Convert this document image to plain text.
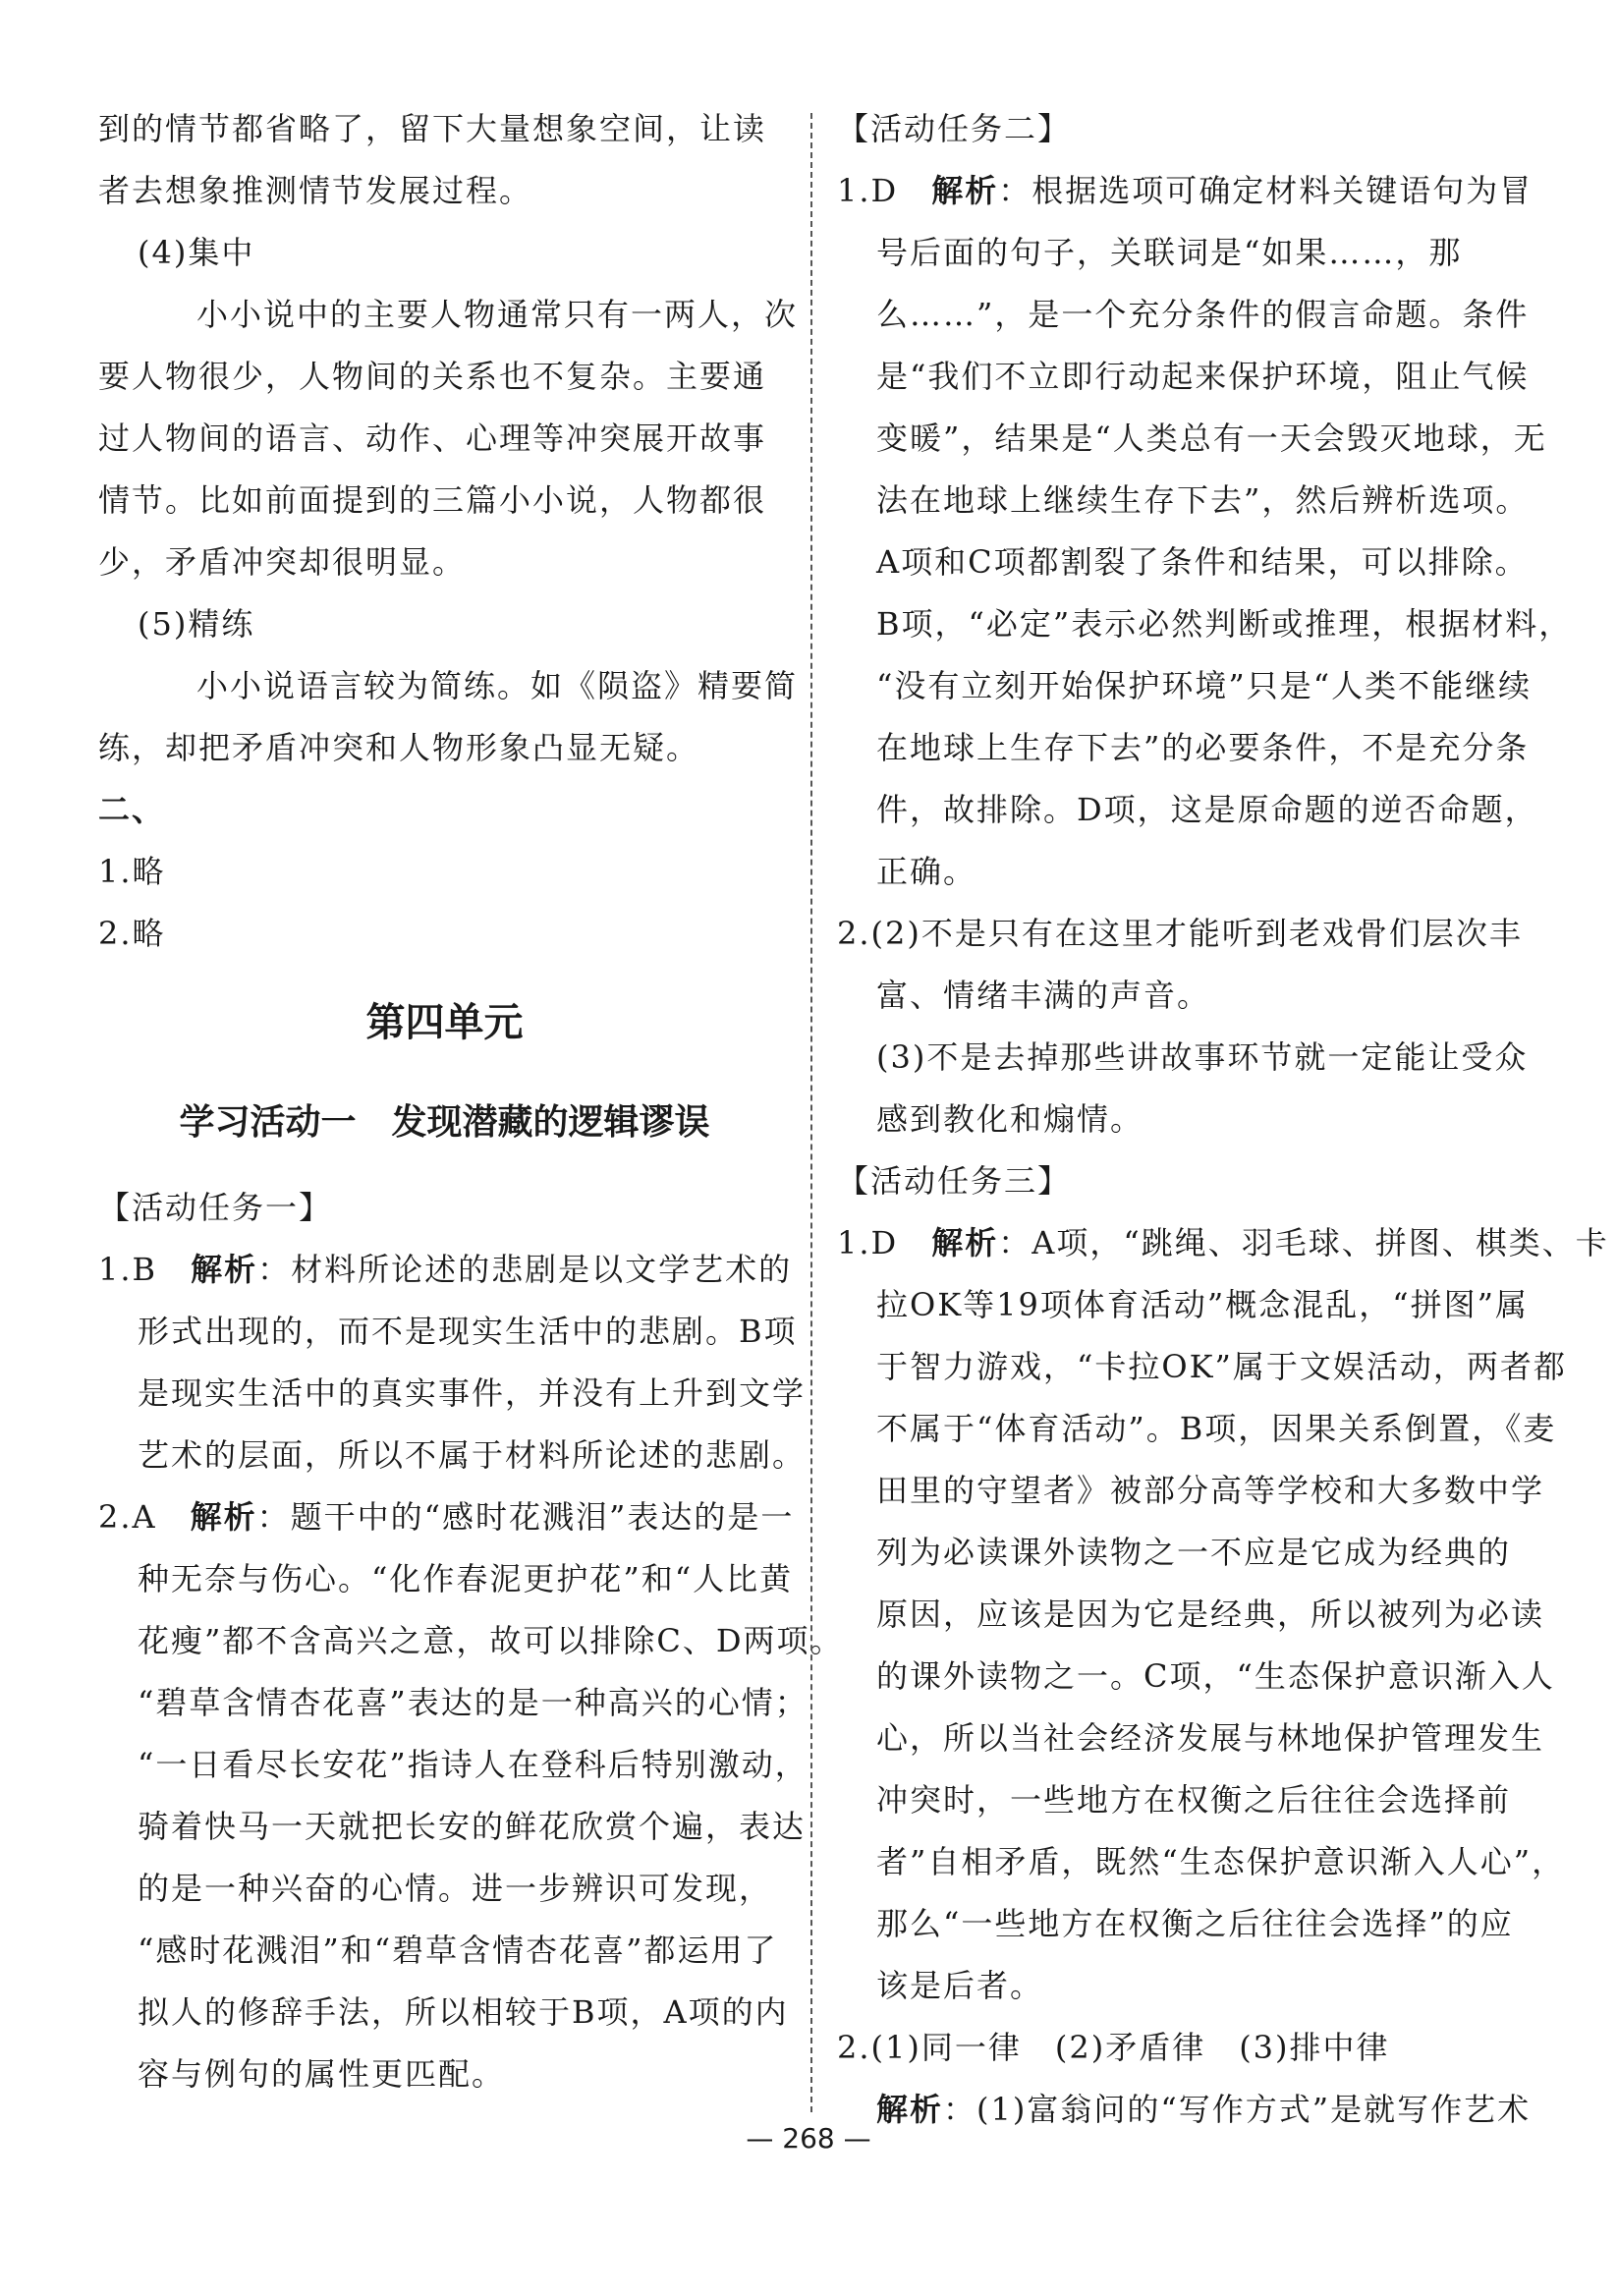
到的情节都省略了，留下大量想象空间，让读
者去想象推测情节发展过程。
(4)集中
小小说中的主要人物通常只有一两人，次
要人物很少，人物间的关系也不复杂。主要通
过人物间的语言、动作、心理等冲突展开故事
情节。比如前面提到的三篇小小说，人物都很
少，矛盾冲突却很明显。
(5)精练
小小说语言较为简练。如《陨盗》精要简
练，却把矛盾冲突和人物形象凸显无疑。
二、
1.略
2.略
第四单元
学习活动一　发现潜藏的逻辑谬误
【活动任务一】
1.B　解析：材料所论述的悲剧是以文学艺术的
形式出现的，而不是现实生活中的悲剧。B项
是现实生活中的真实事件，并没有上升到文学
艺术的层面，所以不属于材料所论述的悲剧。
2.A　解析：题干中的“感时花溅泪”表达的是一
种无奈与伤心。“化作春泥更护花”和“人比黄
花瘦”都不含高兴之意，故可以排除C、D两项。
“碧草含情杏花喜”表达的是一种高兴的心情；
“一日看尽长安花”指诗人在登科后特别激动，
骑着快马一天就把长安的鲜花欣赏个遍，表达
的是一种兴奋的心情。进一步辨识可发现，
“感时花溅泪”和“碧草含情杏花喜”都运用了
拟人的修辞手法，所以相较于B项，A项的内
容与例句的属性更匹配。
【活动任务二】
1.D　解析：根据选项可确定材料关键语句为冒
号后面的句子，关联词是“如果……，那
么……”，是一个充分条件的假言命题。条件
是“我们不立即行动起来保护环境，阻止气候
变暖”，结果是“人类总有一天会毁灭地球，无
法在地球上继续生存下去”，然后辨析选项。
A项和C项都割裂了条件和结果，可以排除。
B项，“必定”表示必然判断或推理，根据材料，
“没有立刻开始保护环境”只是“人类不能继续
在地球上生存下去”的必要条件，不是充分条
件，故排除。D项，这是原命题的逆否命题，
正确。
2.(2)不是只有在这里才能听到老戏骨们层次丰
富、情绪丰满的声音。
(3)不是去掉那些讲故事环节就一定能让受众
感到教化和煽情。
【活动任务三】
1.D　解析：A项，“跳绳、羽毛球、拼图、棋类、卡
拉OK等19项体育活动”概念混乱，“拼图”属
于智力游戏，“卡拉OK”属于文娱活动，两者都
不属于“体育活动”。B项，因果关系倒置，《麦
田里的守望者》被部分高等学校和大多数中学
列为必读课外读物之一不应是它成为经典的
原因，应该是因为它是经典，所以被列为必读
的课外读物之一。C项，“生态保护意识渐入人
心，所以当社会经济发展与林地保护管理发生
冲突时，一些地方在权衡之后往往会选择前
者”自相矛盾，既然“生态保护意识渐入人心”，
那么“一些地方在权衡之后往往会选择”的应
该是后者。
2.(1)同一律　(2)矛盾律　(3)排中律
解析：(1)富翁问的“写作方式”是就写作艺术
— 268 —
